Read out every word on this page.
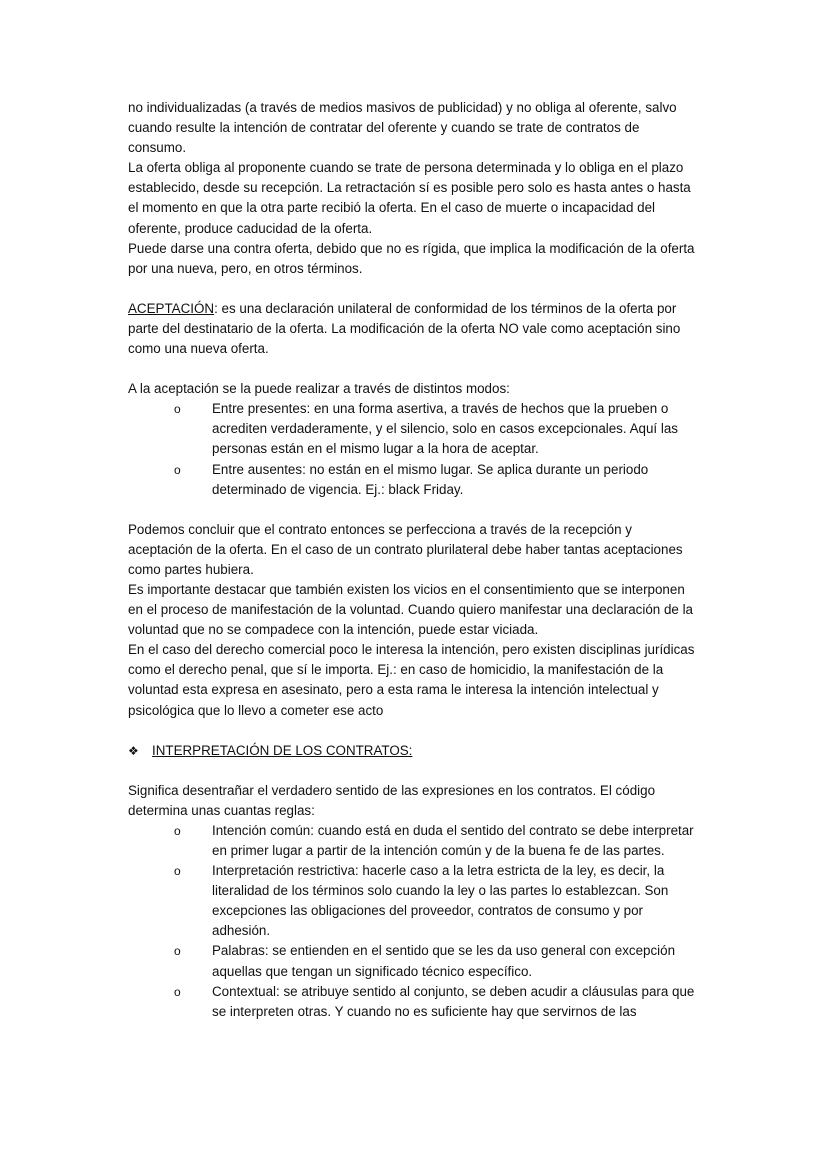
no individualizadas (a través de medios masivos de publicidad) y no obliga al oferente, salvo cuando resulte la intención de contratar del oferente y cuando se trate de contratos de consumo.

La oferta obliga al proponente cuando se trate de persona determinada y lo obliga en el plazo establecido, desde su recepción. La retractación sí es posible pero solo es hasta antes o hasta el momento en que la otra parte recibió la oferta. En el caso de muerte o incapacidad del oferente, produce caducidad de la oferta.

Puede darse una contra oferta, debido que no es rígida, que implica la modificación de la oferta por una nueva, pero, en otros términos.

ACEPTACIÓN: es una declaración unilateral de conformidad de los términos de la oferta por parte del destinatario de la oferta. La modificación de la oferta NO vale como aceptación sino como una nueva oferta.

A la aceptación se la puede realizar a través de distintos modos:

o Entre presentes: en una forma asertiva, a través de hechos que la prueben o acrediten verdaderamente, y el silencio, solo en casos excepcionales. Aquí las personas están en el mismo lugar a la hora de aceptar.
o Entre ausentes: no están en el mismo lugar. Se aplica durante un periodo determinado de vigencia. Ej.: black Friday.

Podemos concluir que el contrato entonces se perfecciona a través de la recepción y aceptación de la oferta. En el caso de un contrato plurilateral debe haber tantas aceptaciones como partes hubiera.

Es importante destacar que también existen los vicios en el consentimiento que se interponen en el proceso de manifestación de la voluntad. Cuando quiero manifestar una declaración de la voluntad que no se compadece con la intención, puede estar viciada.

En el caso del derecho comercial poco le interesa la intención, pero existen disciplinas jurídicas como el derecho penal, que sí le importa. Ej.: en caso de homicidio, la manifestación de la voluntad esta expresa en asesinato, pero a esta rama le interesa la intención intelectual y psicológica que lo llevo a cometer ese acto

❖ INTERPRETACIÓN DE LOS CONTRATOS:

Significa desentrañar el verdadero sentido de las expresiones en los contratos. El código determina unas cuantas reglas:

o Intención común: cuando está en duda el sentido del contrato se debe interpretar en primer lugar a partir de la intención común y de la buena fe de las partes.
o Interpretación restrictiva: hacerle caso a la letra estricta de la ley, es decir, la literalidad de los términos solo cuando la ley o las partes lo establezcan. Son excepciones las obligaciones del proveedor, contratos de consumo y por adhesión.
o Palabras: se entienden en el sentido que se les da uso general con excepción aquellas que tengan un significado técnico específico.
o Contextual: se atribuye sentido al conjunto, se deben acudir a cláusulas para que se interpreten otras. Y cuando no es suficiente hay que servirnos de las
